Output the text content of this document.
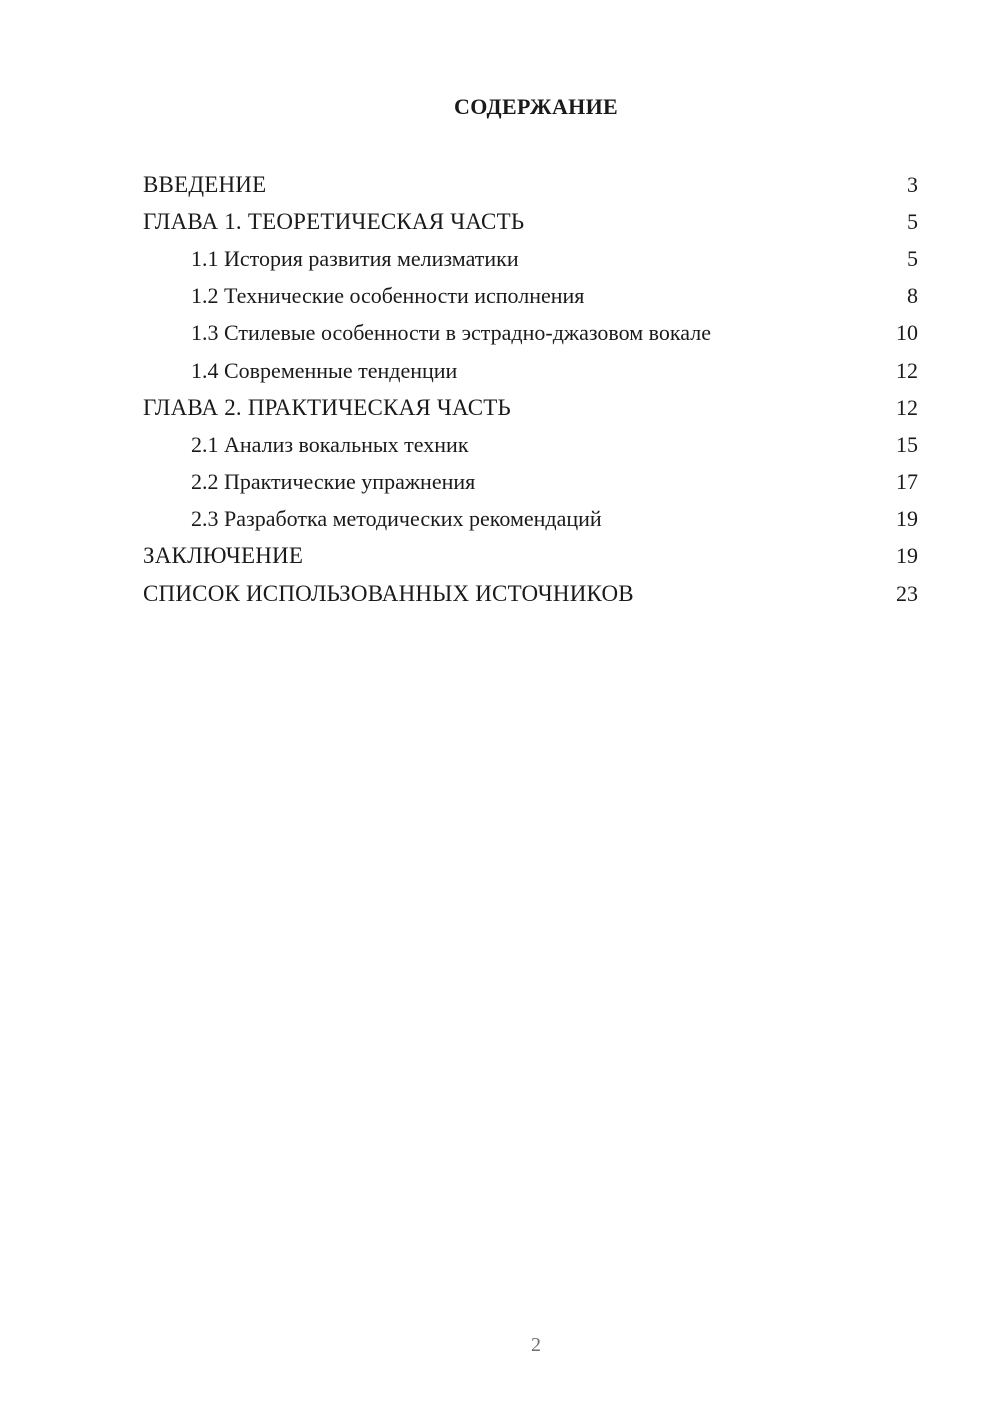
СОДЕРЖАНИЕ
ВВЕДЕНИЕ	3
ГЛАВА 1. ТЕОРЕТИЧЕСКАЯ ЧАСТЬ	5
1.1 История развития мелизматики	5
1.2 Технические особенности исполнения	8
1.3 Стилевые особенности в эстрадно-джазовом вокале	10
1.4 Современные тенденции	12
ГЛАВА 2. ПРАКТИЧЕСКАЯ ЧАСТЬ	12
2.1 Анализ вокальных техник	15
2.2 Практические упражнения	17
2.3 Разработка методических рекомендаций	19
ЗАКЛЮЧЕНИЕ	19
СПИСОК ИСПОЛЬЗОВАННЫХ ИСТОЧНИКОВ	23
2
